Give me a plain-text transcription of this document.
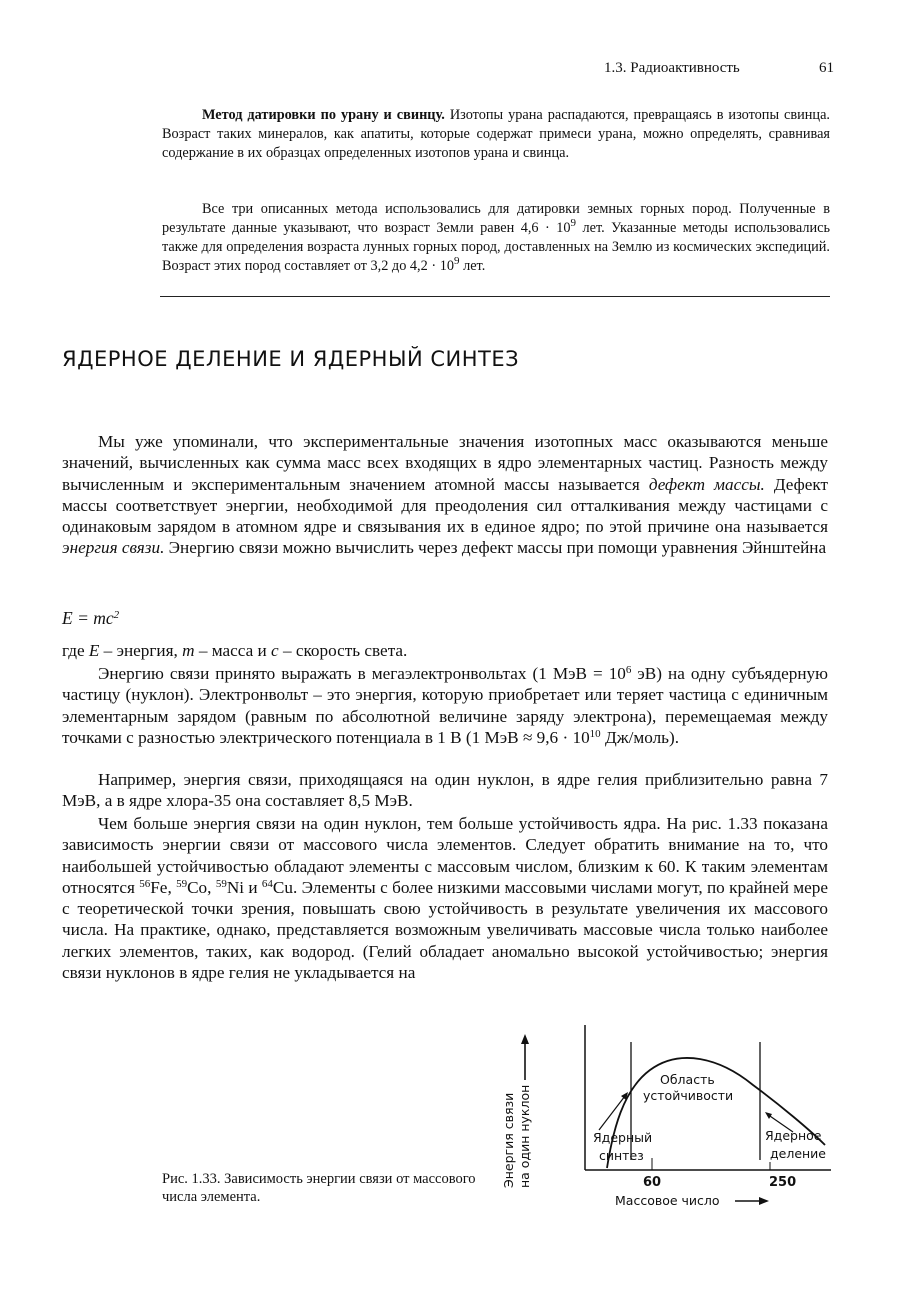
1.3. Радиоактивность	61

Метод датировки по урану и свинцу. Изотопы урана распадаются, превращаясь в изотопы свинца. Возраст таких минералов, как апатиты, которые содержат примеси урана, можно определять, сравнивая содержание в их образцах определенных изотопов урана и свинца.

Все три описанных метода использовались для датировки земных горных пород. Полученные в результате данные указывают, что возраст Земли равен $4,6 \cdot 10^9$ лет. Указанные методы использовались также для определения возраста лунных горных пород, доставленных на Землю из космических экспедиций. Возраст этих пород составляет от 3,2 до $4,2 \cdot 10^9$ лет.

ЯДЕРНОЕ ДЕЛЕНИЕ И ЯДЕРНЫЙ СИНТЕЗ

Мы уже упоминали, что экспериментальные значения изотопных масс оказываются меньше значений, вычисленных как сумма масс всех входящих в ядро элементарных частиц. Разность между вычисленным и экспериментальным значением атомной массы называется дефект массы. Дефект массы соответствует энергии, необходимой для преодоления сил отталкивания между частицами с одинаковым зарядом в атомном ядре и связывания их в единое ядро; по этой причине она называется энергия связи. Энергию связи можно вычислить через дефект массы при помощи уравнения Эйнштейна

$E = mc^2$
где E – энергия, m – масса и c – скорость света.

Энергию связи принято выражать в мегаэлектронвольтах (1 МэВ = $10^6$ эВ) на одну субъядерную частицу (нуклон). Электронвольт – это энергия, которую приобретает или теряет частица с единичным элементарным зарядом (равным по абсолютной величине заряду электрона), перемещаемая между точками с разностью электрического потенциала в 1 В (1 МэВ ≈ $9,6 \cdot 10^{10}$ Дж/моль).

Например, энергия связи, приходящаяся на один нуклон, в ядре гелия приблизительно равна 7 МэВ, а в ядре хлора-35 она составляет 8,5 МэВ.

Чем больше энергия связи на один нуклон, тем больше устойчивость ядра. На рис. 1.33 показана зависимость энергии связи от массового числа элементов. Следует обратить внимание на то, что наибольшей устойчивостью обладают элементы с массовым числом, близким к 60. К таким элементам относятся $^{56}$Fe, $^{59}$Co, $^{59}$Ni и $^{64}$Cu. Элементы с более низкими массовыми числами могут, по крайней мере с теоретической точки зрения, повышать свою устойчивость в результате увеличения их массового числа. На практике, однако, представляется возможным увеличивать массовые числа только наиболее легких элементов, таких, как водород. (Гелий обладает аномально высокой устойчивостью; энергия связи нуклонов в ядре гелия не укладывается на

Рис. 1.33. Зависимость энергии связи от массового числа элемента.
Энергия связи на один нуклон
Область
устойчивости
Ядерный
синтез
Ядерное
деление
60	250
Массовое число
